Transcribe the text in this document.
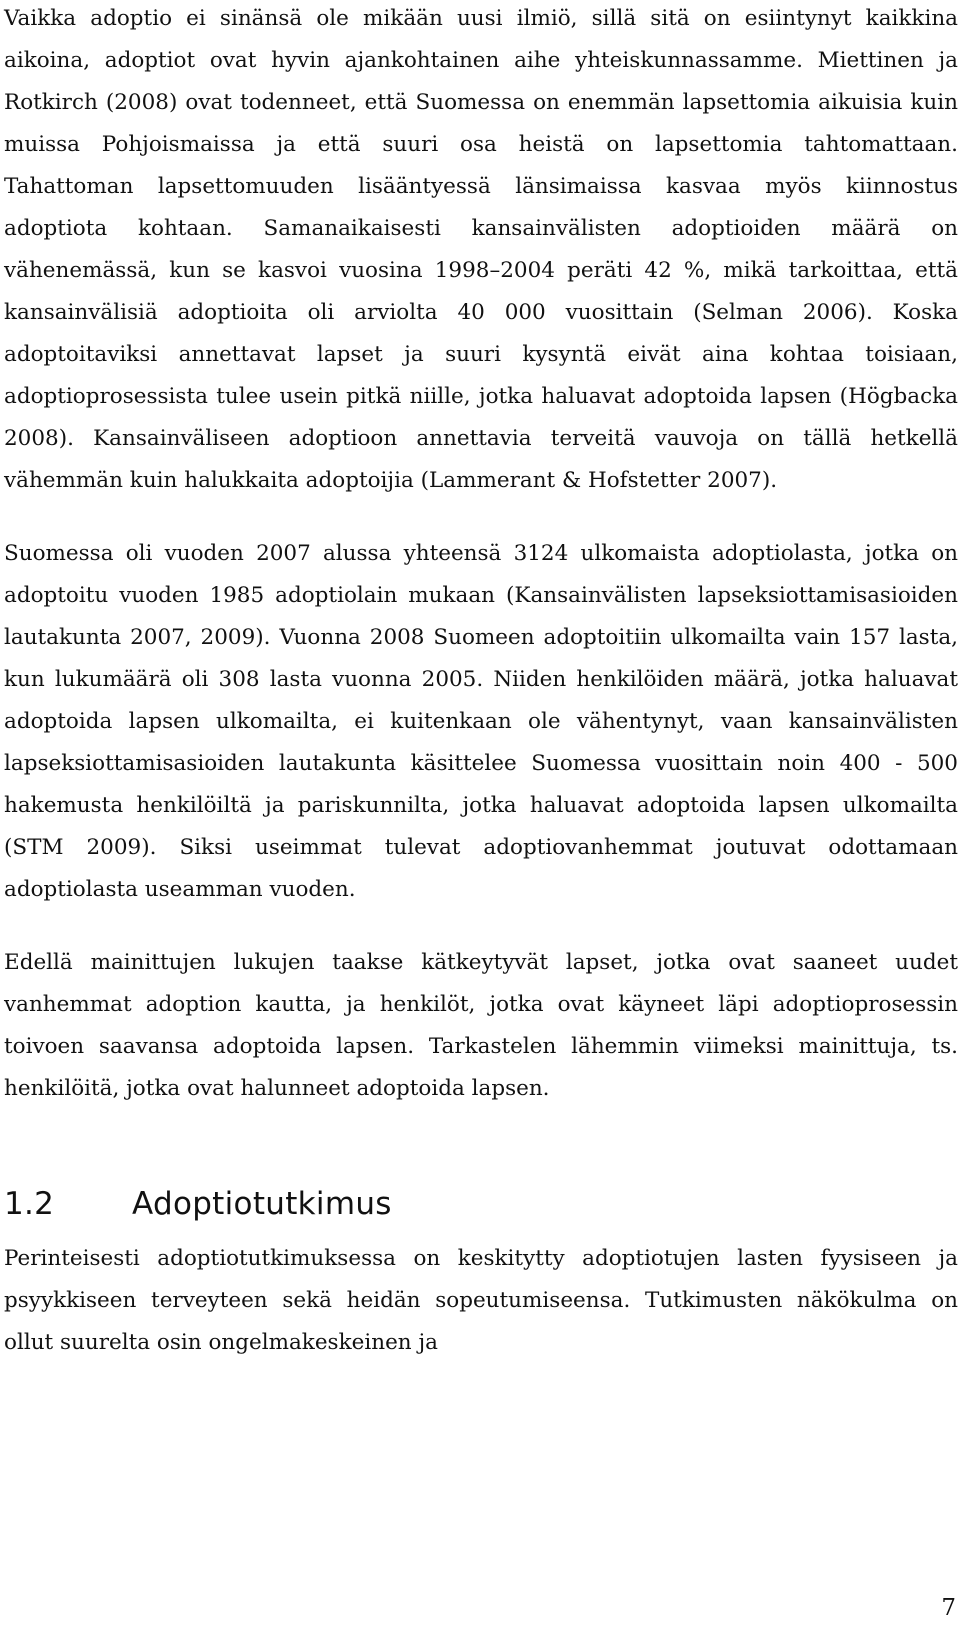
Vaikka adoptio ei sinänsä ole mikään uusi ilmiö, sillä sitä on esiintynyt kaikkina aikoina, adoptiot ovat hyvin ajankohtainen aihe yhteiskunnassamme. Miettinen ja Rotkirch (2008) ovat todenneet, että Suomessa on enemmän lapsettomia aikuisia kuin muissa Pohjoismaissa ja että suuri osa heistä on lapsettomia tahtomattaan. Tahattoman lapsettomuuden lisääntyessä länsimaissa kasvaa myös kiinnostus adoptiota kohtaan. Samanaikaisesti kansainvälisten adoptioiden määrä on vähenemässä, kun se kasvoi vuosina 1998–2004 peräti 42 %, mikä tarkoittaa, että kansainvälisiä adoptioita oli arviolta 40 000 vuosittain (Selman 2006). Koska adoptoitaviksi annettavat lapset ja suuri kysyntä eivät aina kohtaa toisiaan, adoptioprosessista tulee usein pitkä niille, jotka haluavat adoptoida lapsen (Högbacka 2008). Kansainväliseen adoptioon annettavia terveitä vauvoja on tällä hetkellä vähemmän kuin halukkaita adoptoijia (Lammerant & Hofstetter 2007).

Suomessa oli vuoden 2007 alussa yhteensä 3124 ulkomaista adoptiolasta, jotka on adoptoitu vuoden 1985 adoptiolain mukaan (Kansainvälisten lapseksiottamisasioiden lautakunta 2007, 2009). Vuonna 2008 Suomeen adoptoitiin ulkomailta vain 157 lasta, kun lukumäärä oli 308 lasta vuonna 2005. Niiden henkilöiden määrä, jotka haluavat adoptoida lapsen ulkomailta, ei kuitenkaan ole vähentynyt, vaan kansainvälisten lapseksiottamisasioiden lautakunta käsittelee Suomessa vuosittain noin 400 - 500 hakemusta henkilöiltä ja pariskunnilta, jotka haluavat adoptoida lapsen ulkomailta (STM 2009). Siksi useimmat tulevat adoptiovanhemmat joutuvat odottamaan adoptiolasta useamman vuoden.

Edellä mainittujen lukujen taakse kätkeytyvät lapset, jotka ovat saaneet uudet vanhemmat adoption kautta, ja henkilöt, jotka ovat käyneet läpi adoptioprosessin toivoen saavansa adoptoida lapsen. Tarkastelen lähemmin viimeksi mainittuja, ts. henkilöitä, jotka ovat halunneet adoptoida lapsen.

1.2	Adoptiotutkimus

Perinteisesti adoptiotutkimuksessa on keskitytty adoptiotujen lasten fyysiseen ja psyykkiseen terveyteen sekä heidän sopeutumiseensa. Tutkimusten näkökulma on ollut suurelta osin ongelmakeskeinen ja

7
